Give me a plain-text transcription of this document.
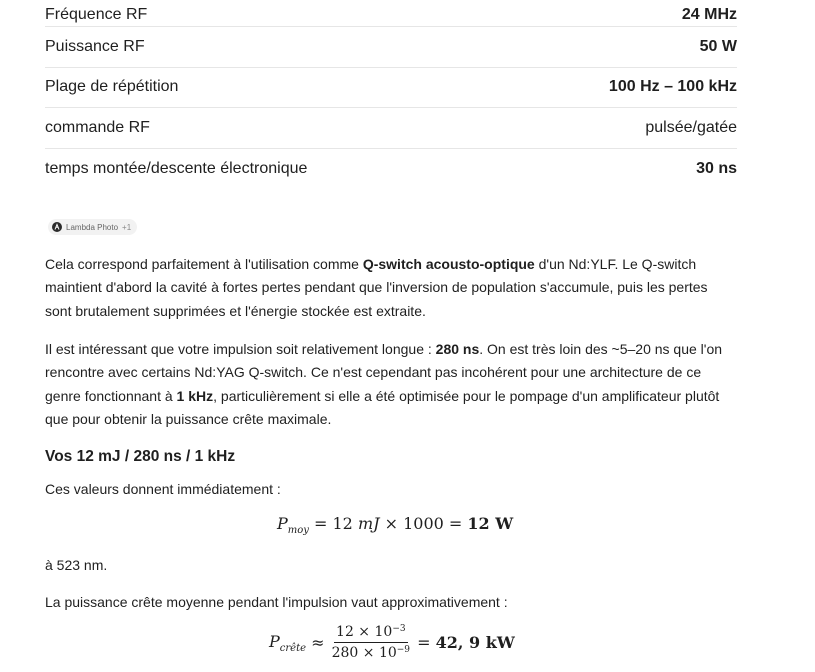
Fréquence RF	24 MHz
Puissance RF	50 W
Plage de répétition	100 Hz – 100 kHz
commande RF	pulsée/gatée
temps montée/descente électronique	30 ns
Lambda Photo +1
Cela correspond parfaitement à l'utilisation comme Q-switch acousto-optique d'un Nd:YLF. Le Q-switch maintient d'abord la cavité à fortes pertes pendant que l'inversion de population s'accumule, puis les pertes sont brutalement supprimées et l'énergie stockée est extraite.
Il est intéressant que votre impulsion soit relativement longue : 280 ns. On est très loin des ~5–20 ns que l'on rencontre avec certains Nd:YAG Q-switch. Ce n'est cependant pas incohérent pour une architecture de ce genre fonctionnant à 1 kHz, particulièrement si elle a été optimisée pour le pompage d'un amplificateur plutôt que pour obtenir la puissance crête maximale.
Vos 12 mJ / 280 ns / 1 kHz
Ces valeurs donnent immédiatement :
$P_{moy} = 12$ mJ × 1000 = 12 W
à 523 nm.
La puissance crête moyenne pendant l'impulsion vaut approximativement :
$P_{crête} \approx \frac{12 \times 10^{-3}}{280 \times 10^{-9}} = 42$, 9 kW
